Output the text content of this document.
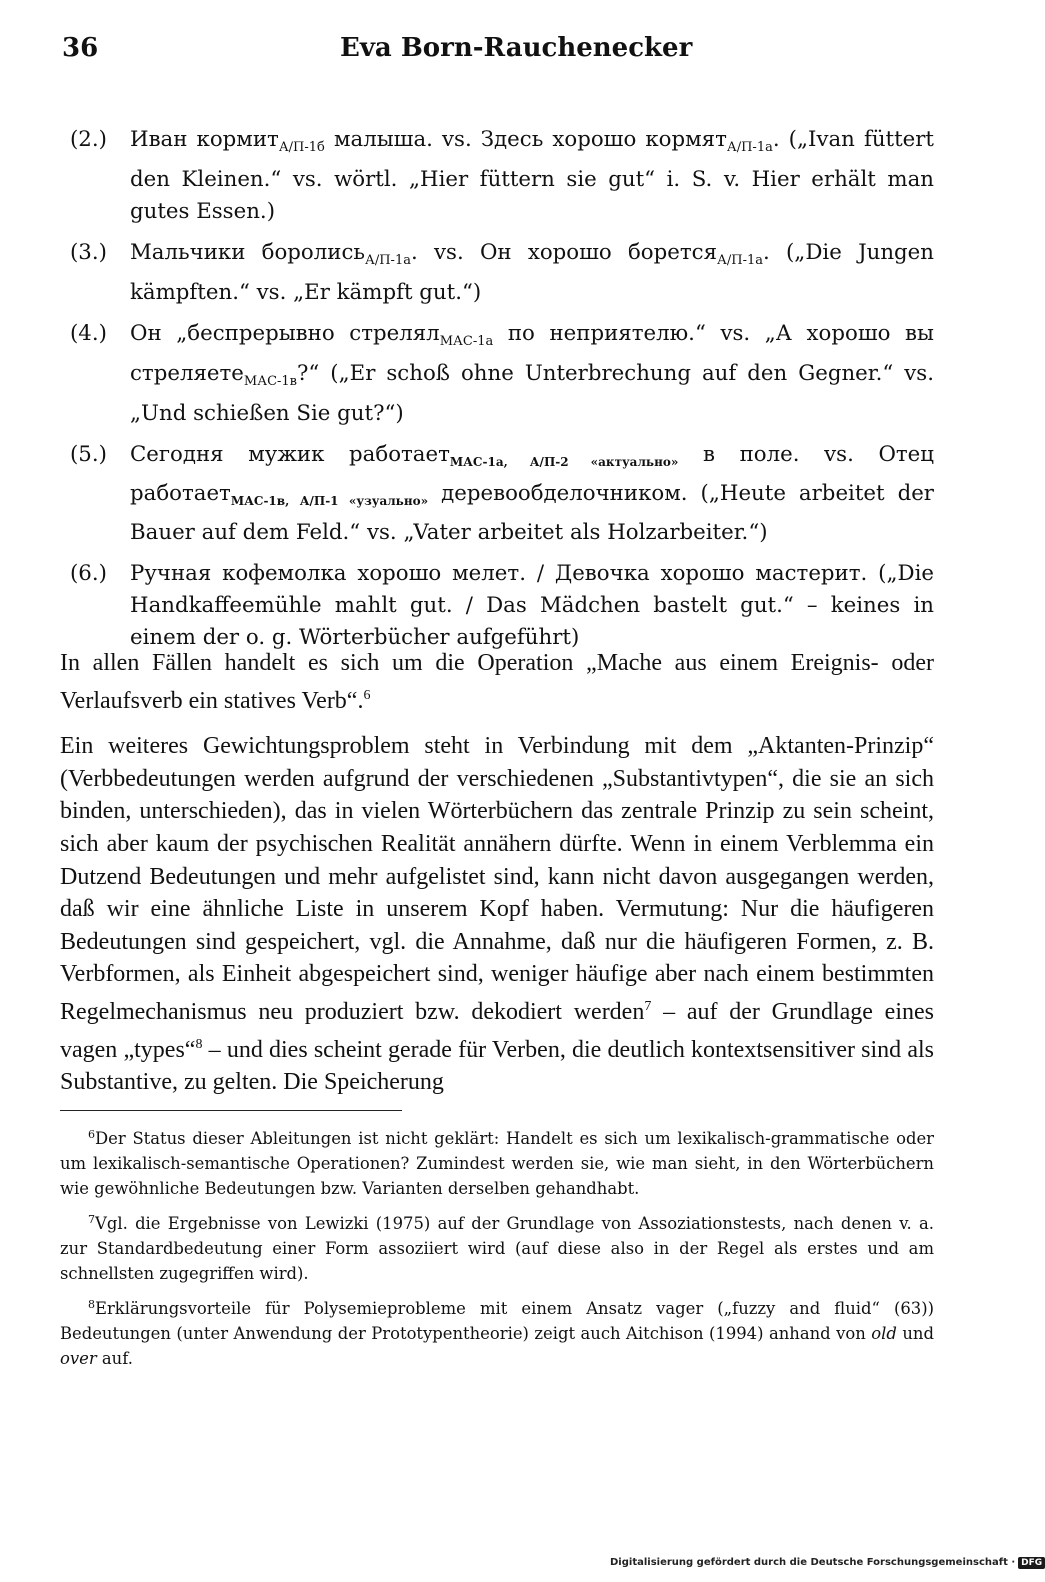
36	Eva Born-Rauchenecker
(2.) Иван кормит$_{А/П-1б}$ малыша. vs. Здесь хорошо кормят$_{А/П-1а}$. („Ivan füttert den Kleinen.“ vs. wörtl. „Hier füttern sie gut“ i. S. v. Hier erhält man gutes Essen.)
(3.) Мальчики боролись$_{А/П-1а}$. vs. Он хорошо борется$_{А/П-1а}$. („Die Jungen kämpften.“ vs. „Er kämpft gut.“)
(4.) Он „беспрерывно стрелял$_{МАС-1а}$ по неприятелю.“ vs. „А хорошо вы стреляете$_{МАС-1в}$?“ („Er schoß ohne Unterbrechung auf den Gegner.“ vs. „Und schießen Sie gut?“)
(5.) Сегодня мужик работает$_{МАС-1а, А/П-2 «актуально»}$ в поле. vs. Отец работает$_{МАС-1в, А/П-1 «узуально»}$ деревообделочником. („Heute arbeitet der Bauer auf dem Feld.“ vs. „Vater arbeitet als Holzarbeiter.“)
(6.) Ручная кофемолка хорошо мелет. / Девочка хорошо мастерит. („Die Handkaffeemühle mahlt gut. / Das Mädchen bastelt gut.“ – keines in einem der o. g. Wörterbücher aufgeführt)

In allen Fällen handelt es sich um die Operation „Mache aus einem Ereignis- oder Verlaufsverb ein statives Verb“.$^6$

Ein weiteres Gewichtungsproblem steht in Verbindung mit dem „Aktanten-Prinzip“ (Verbbedeutungen werden aufgrund der verschiedenen „Substantivtypen“, die sie an sich binden, unterschieden), das in vielen Wörterbüchern das zentrale Prinzip zu sein scheint, sich aber kaum der psychischen Realität annähern dürfte. Wenn in einem Verblemma ein Dutzend Bedeutungen und mehr aufgelistet sind, kann nicht davon ausgegangen werden, daß wir eine ähnliche Liste in unserem Kopf haben. Vermutung: Nur die häufigeren Bedeutungen sind gespeichert, vgl. die Annahme, daß nur die häufigeren Formen, z. B. Verbformen, als Einheit abgespeichert sind, weniger häufige aber nach einem bestimmten Regelmechanismus neu produziert bzw. dekodiert werden$^7$ – auf der Grundlage eines vagen „types“$^8$ – und dies scheint gerade für Verben, die deutlich kontextsensitiver sind als Substantive, zu gelten. Die Speicherung

$^6$Der Status dieser Ableitungen ist nicht geklärt: Handelt es sich um lexikalisch-grammatische oder um lexikalisch-semantische Operationen? Zumindest werden sie, wie man sieht, in den Wörterbüchern wie gewöhnliche Bedeutungen bzw. Varianten derselben gehandhabt.

$^7$Vgl. die Ergebnisse von Lewizki (1975) auf der Grundlage von Assoziationstests, nach denen v. a. zur Standardbedeutung einer Form assoziiert wird (auf diese also in der Regel als erstes und am schnellsten zugegriffen wird).

$^8$Erklärungsvorteile für Polysemieprobleme mit einem Ansatz vager („fuzzy and fluid“ (63)) Bedeutungen (unter Anwendung der Prototypentheorie) zeigt auch Aitchison (1994) anhand von old und over auf.

Digitalisierung gefördert durch die Deutsche Forschungsgemeinschaft · DFG
